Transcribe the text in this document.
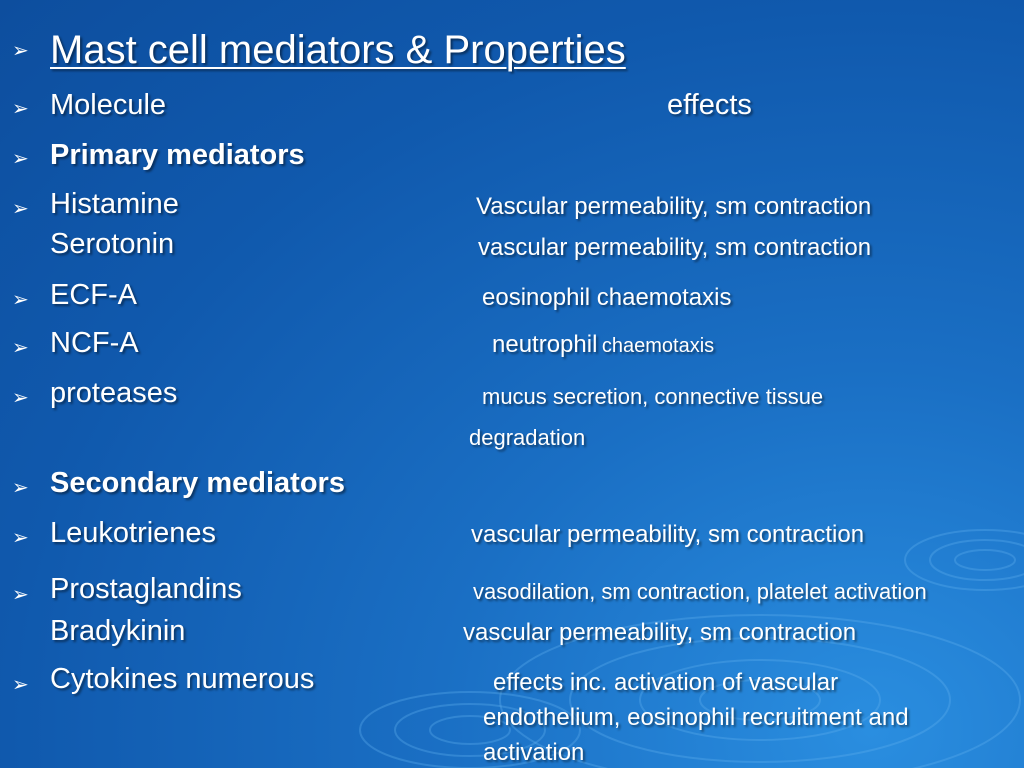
➢ Mast cell mediators & Properties
➢ Molecule	effects
➢ Primary mediators
➢ Histamine	Vascular permeability, sm contraction
Serotonin	vascular permeability, sm contraction
➢ ECF-A	eosinophil chaemotaxis
➢ NCF-A	neutrophil chaemotaxis
➢ proteases	mucus secretion, connective tissue
degradation
➢ Secondary mediators
➢ Leukotrienes	vascular permeability, sm contraction
➢ Prostaglandins	vasodilation, sm contraction, platelet activation
Bradykinin	vascular permeability, sm contraction
➢ Cytokines numerous	effects inc. activation of vascular
endothelium, eosinophil recruitment and
activation
